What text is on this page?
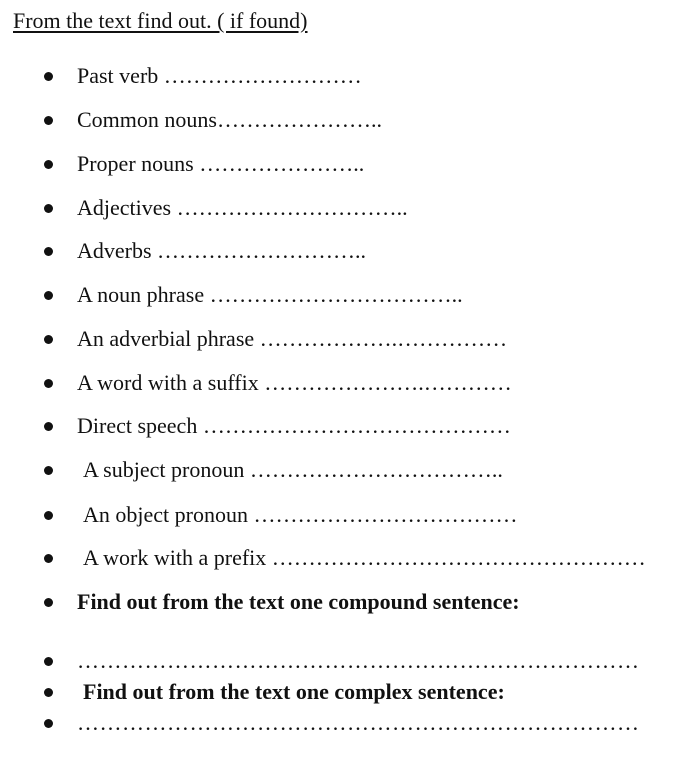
From the text find out. ( if found)
Past verb ………………………
Common nouns…………………..
Proper nouns …………………..
Adjectives …………………………..
Adverbs ………………………..
A noun phrase ……………………………..
An adverbial phrase ……………….……………
A word with a suffix ………………….…………
Direct speech ……………………………………
A subject pronoun ……………………………..
An object pronoun ………………………………
A work with a prefix ……………………………………………
Find out from the text one compound sentence:
…………………………………………………………………
Find out from the text one complex sentence:
…………………………………………………………………
